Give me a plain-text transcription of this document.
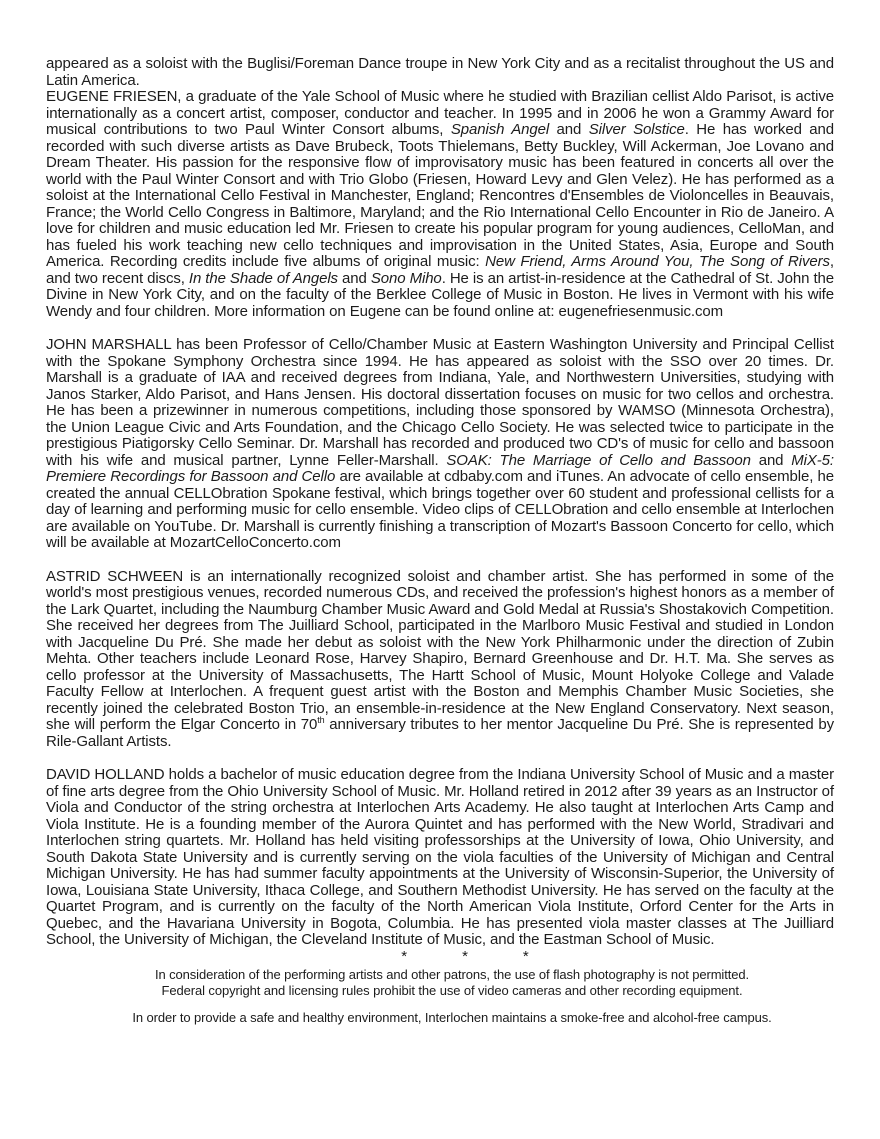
appeared as a soloist with the Buglisi/Foreman Dance troupe in New York City and as a recitalist throughout the US and Latin America.

EUGENE FRIESEN, a graduate of the Yale School of Music where he studied with Brazilian cellist Aldo Parisot, is active internationally as a concert artist, composer, conductor and teacher. In 1995 and in 2006 he won a Grammy Award for musical contributions to two Paul Winter Consort albums, Spanish Angel and Silver Solstice. He has worked and recorded with such diverse artists as Dave Brubeck, Toots Thielemans, Betty Buckley, Will Ackerman, Joe Lovano and Dream Theater. His passion for the responsive flow of improvisatory music has been featured in concerts all over the world with the Paul Winter Consort and with Trio Globo (Friesen, Howard Levy and Glen Velez). He has performed as a soloist at the International Cello Festival in Manchester, England; Rencontres d'Ensembles de Violoncelles in Beauvais, France; the World Cello Congress in Baltimore, Maryland; and the Rio International Cello Encounter in Rio de Janeiro. A love for children and music education led Mr. Friesen to create his popular program for young audiences, CelloMan, and has fueled his work teaching new cello techniques and improvisation in the United States, Asia, Europe and South America. Recording credits include five albums of original music: New Friend, Arms Around You, The Song of Rivers, and two recent discs, In the Shade of Angels and Sono Miho. He is an artist-in-residence at the Cathedral of St. John the Divine in New York City, and on the faculty of the Berklee College of Music in Boston. He lives in Vermont with his wife Wendy and four children. More information on Eugene can be found online at: eugenefriesenmusic.com

JOHN MARSHALL has been Professor of Cello/Chamber Music at Eastern Washington University and Principal Cellist with the Spokane Symphony Orchestra since 1994. He has appeared as soloist with the SSO over 20 times. Dr. Marshall is a graduate of IAA and received degrees from Indiana, Yale, and Northwestern Universities, studying with Janos Starker, Aldo Parisot, and Hans Jensen. His doctoral dissertation focuses on music for two cellos and orchestra. He has been a prizewinner in numerous competitions, including those sponsored by WAMSO (Minnesota Orchestra), the Union League Civic and Arts Foundation, and the Chicago Cello Society. He was selected twice to participate in the prestigious Piatigorsky Cello Seminar. Dr. Marshall has recorded and produced two CD's of music for cello and bassoon with his wife and musical partner, Lynne Feller-Marshall. SOAK: The Marriage of Cello and Bassoon and MiX-5: Premiere Recordings for Bassoon and Cello are available at cdbaby.com and iTunes. An advocate of cello ensemble, he created the annual CELLObration Spokane festival, which brings together over 60 student and professional cellists for a day of learning and performing music for cello ensemble. Video clips of CELLObration and cello ensemble at Interlochen are available on YouTube. Dr. Marshall is currently finishing a transcription of Mozart's Bassoon Concerto for cello, which will be available at MozartCelloConcerto.com

ASTRID SCHWEEN is an internationally recognized soloist and chamber artist. She has performed in some of the world's most prestigious venues, recorded numerous CDs, and received the profession's highest honors as a member of the Lark Quartet, including the Naumburg Chamber Music Award and Gold Medal at Russia's Shostakovich Competition. She received her degrees from The Juilliard School, participated in the Marlboro Music Festival and studied in London with Jacqueline Du Pré. She made her debut as soloist with the New York Philharmonic under the direction of Zubin Mehta. Other teachers include Leonard Rose, Harvey Shapiro, Bernard Greenhouse and Dr. H.T. Ma. She serves as cello professor at the University of Massachusetts, The Hartt School of Music, Mount Holyoke College and Valade Faculty Fellow at Interlochen. A frequent guest artist with the Boston and Memphis Chamber Music Societies, she recently joined the celebrated Boston Trio, an ensemble-in-residence at the New England Conservatory. Next season, she will perform the Elgar Concerto in 70th anniversary tributes to her mentor Jacqueline Du Pré. She is represented by Rile-Gallant Artists.

DAVID HOLLAND holds a bachelor of music education degree from the Indiana University School of Music and a master of fine arts degree from the Ohio University School of Music. Mr. Holland retired in 2012 after 39 years as an Instructor of Viola and Conductor of the string orchestra at Interlochen Arts Academy. He also taught at Interlochen Arts Camp and Viola Institute. He is a founding member of the Aurora Quintet and has performed with the New World, Stradivari and Interlochen string quartets. Mr. Holland has held visiting professorships at the University of Iowa, Ohio University, and South Dakota State University and is currently serving on the viola faculties of the University of Michigan and Central Michigan University. He has had summer faculty appointments at the University of Wisconsin-Superior, the University of Iowa, Louisiana State University, Ithaca College, and Southern Methodist University. He has served on the faculty at the Quartet Program, and is currently on the faculty of the North American Viola Institute, Orford Center for the Arts in Quebec, and the Havariana University in Bogota, Columbia. He has presented viola master classes at The Juilliard School, the University of Michigan, the Cleveland Institute of Music, and the Eastman School of Music.

*	*	*

In consideration of the performing artists and other patrons, the use of flash photography is not permitted.

Federal copyright and licensing rules prohibit the use of video cameras and other recording equipment.

In order to provide a safe and healthy environment, Interlochen maintains a smoke-free and alcohol-free campus.
